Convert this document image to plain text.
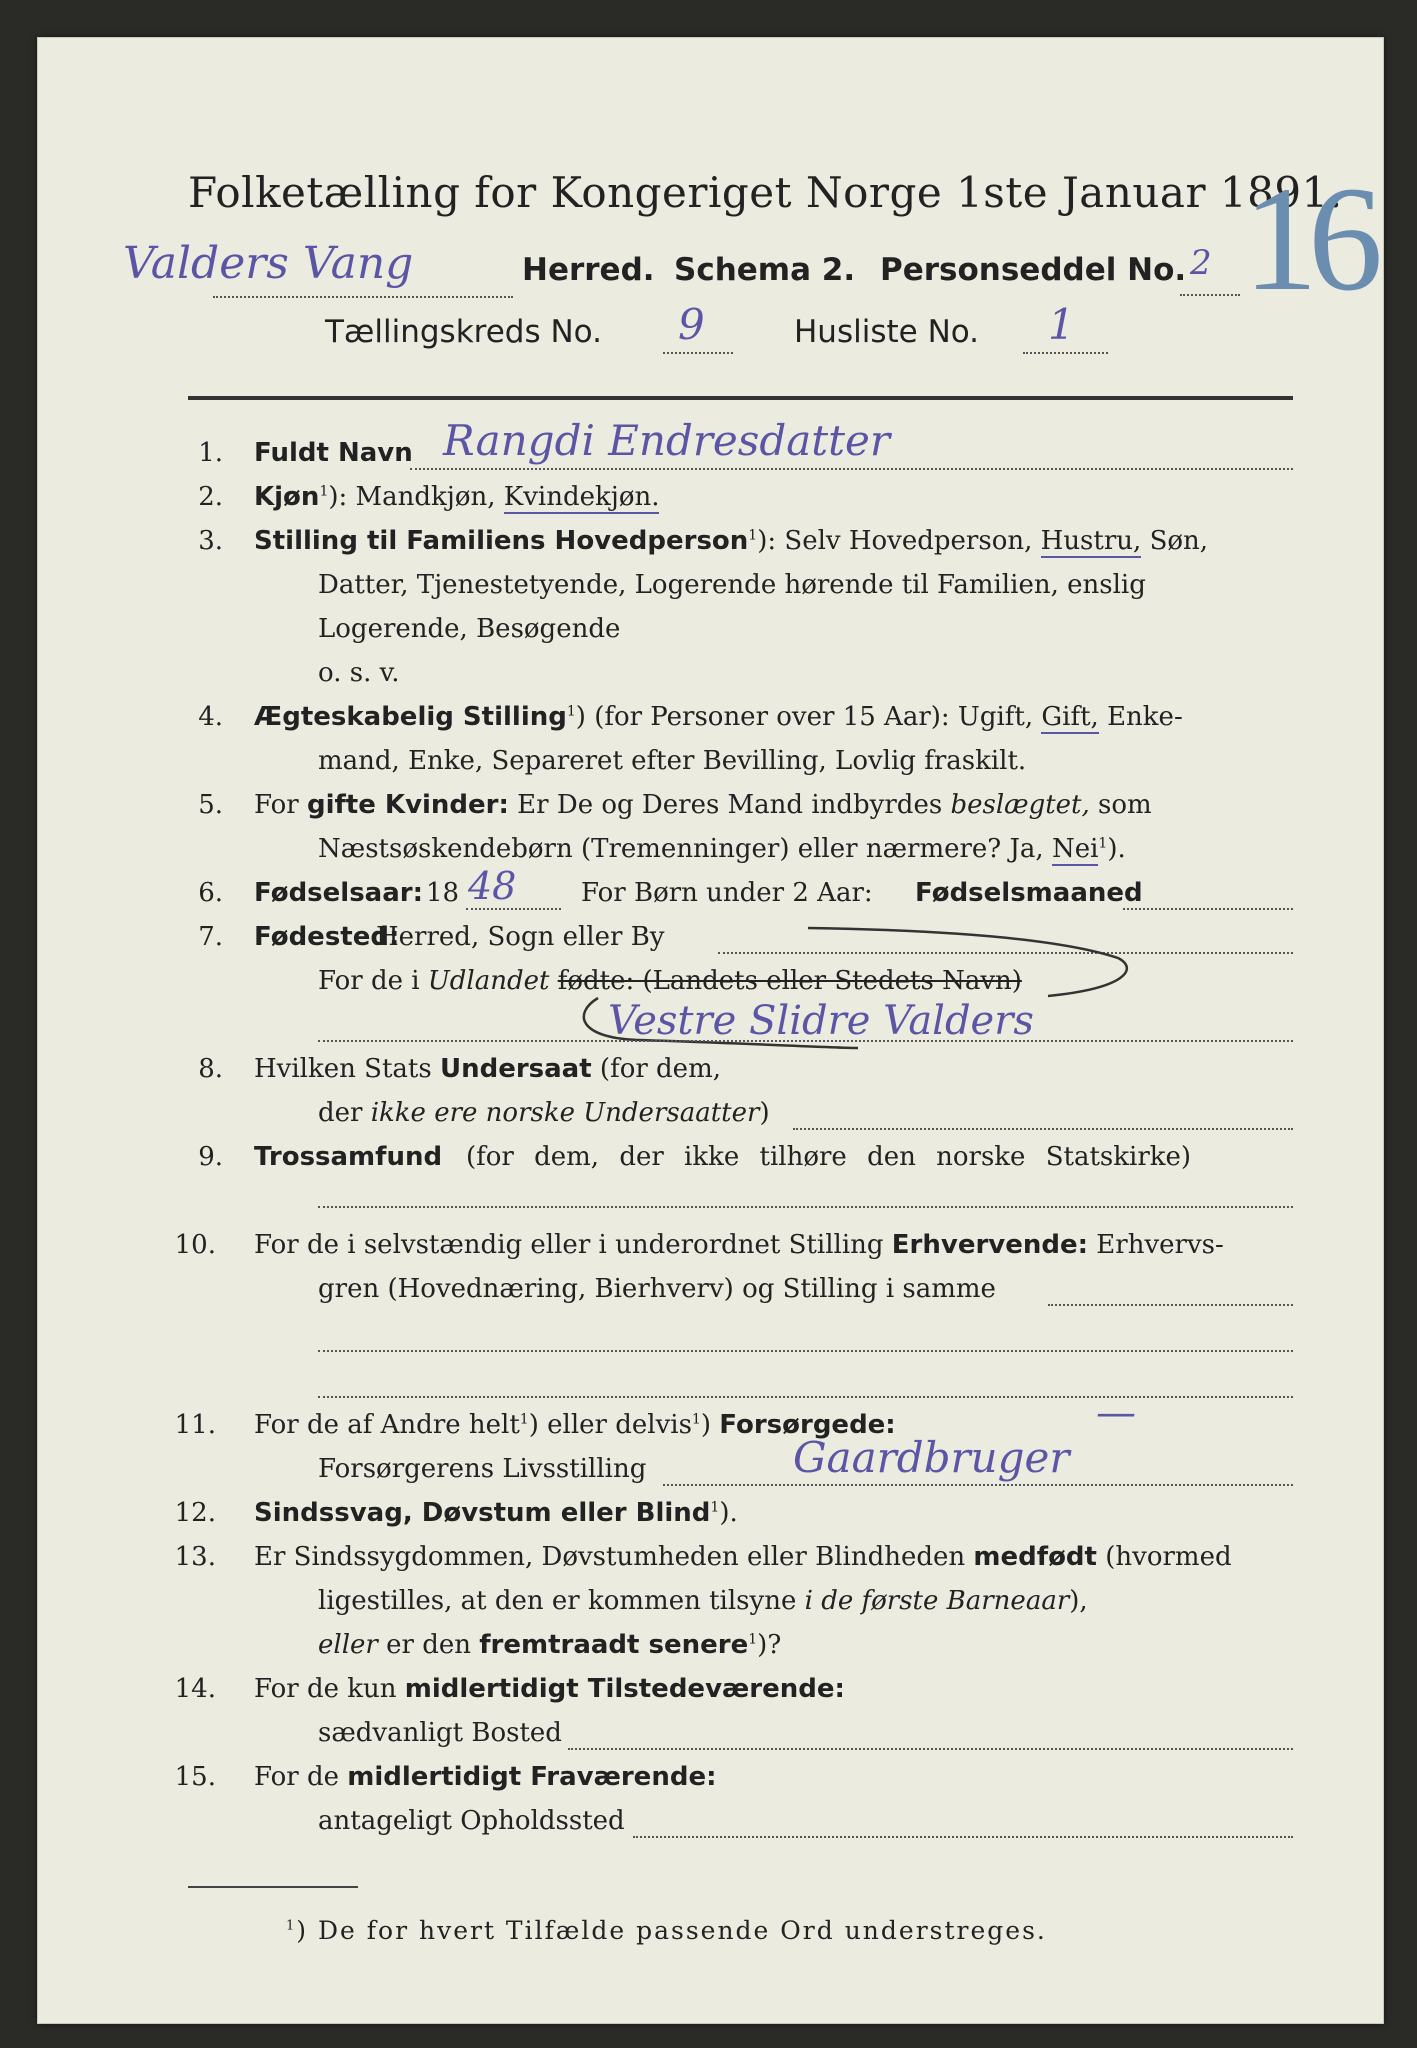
Folketælling for Kongeriget Norge 1ste Januar 1891.
Valders Vang	Herred. Schema 2. Personseddel No. 2 16
Tællingskreds No. 9	Husliste No. 1
1. Fuldt Navn Rangdi Endresdatter
2. Kjøn$^1$): Mandkjøn, Kvindekjøn.
3. Stilling til Familiens Hovedperson$^1$): Selv Hovedperson, Hustru, Søn,
Datter, Tjenestetyende, Logerende hørende til Familien, enslig
Logerende, Besøgende
o. s. v.
4. Ægteskabelig Stilling$^1$) (for Personer over 15 Aar): Ugift, Gift, Enke-
mand, Enke, Separeret efter Bevilling, Lovlig fraskilt.
5. For gifte Kvinder: Er De og Deres Mand indbyrdes beslægtet, som
Næstsøskendebørn (Tremenninger) eller nærmere? Ja, Nei$^1$).
6. Fødselsaar: 18 48 For Børn under 2 Aar: Fødselsmaaned
7. Fødested:
Herred, Sogn eller By
For de i Udlandet fødte: (Landets eller Stedets Navn)
Vestre Slidre Valders
8. Hvilken Stats Undersaat (for dem,
der ikke ere norske Undersaatter)
9. Trossamfund (for dem, der ikke tilhøre den norske Statskirke)
10. For de i selvstændig eller i underordnet Stilling Erhvervende: Erhvervs-
gren (Hovednæring, Bierhverv) og Stilling i samme
11. For de af Andre helt$^1$) eller delvis$^1$) Forsørgede:	—
Forsørgerens Livsstilling	Gaardbruger
12. Sindssvag, Døvstum eller Blind$^1$).
13. Er Sindssygdommen, Døvstumheden eller Blindheden medfødt (hvormed
ligestilles, at den er kommen tilsyne i de første Barneaar),
eller er den fremtraadt senere$^1$)?
14. For de kun midlertidigt Tilstedeværende:
sædvanligt Bosted
15. For de midlertidigt Fraværende:
antageligt Opholdssted
$^1$) De for hvert Tilfælde passende Ord understreges.
